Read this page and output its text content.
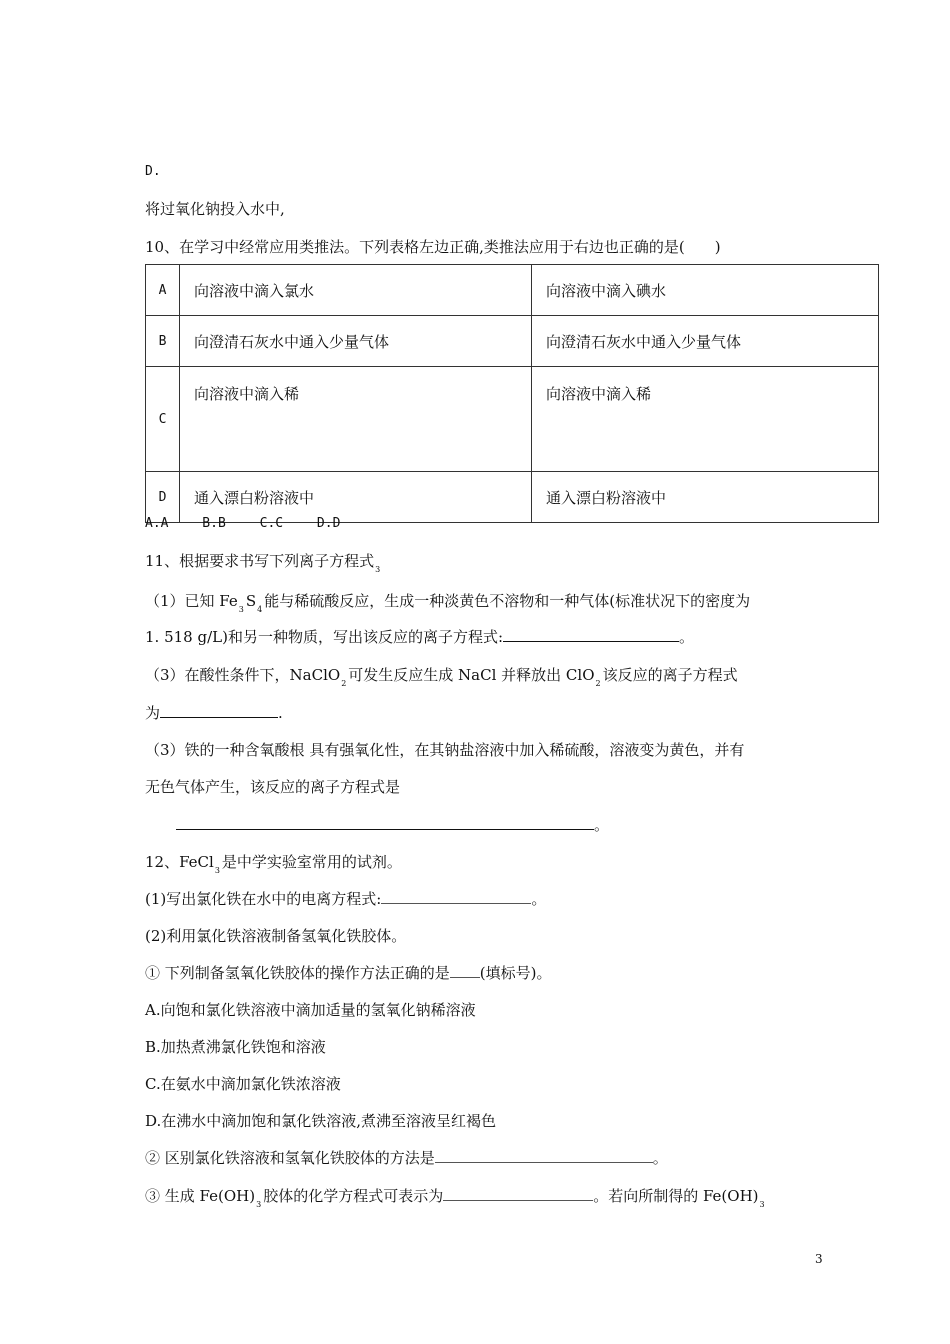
D.
将过氧化钠投入水中,
10、在学习中经常应用类推法。下列表格左边正确,类推法应用于右边也正确的是(　　)
A	向溶液中滴入氯水	向溶液中滴入碘水
B	向澄清石灰水中通入少量气体	向澄清石灰水中通入少量气体
C	向溶液中滴入稀	向溶液中滴入稀
D	通入漂白粉溶液中	通入漂白粉溶液中
A.A　　 B.B　　 C.C　　 D.D
11、根据要求书写下列离子方程式$_3$
（1）已知 $Fe_3$ $S_4$ 能与稀硫酸反应，生成一种淡黄色不溶物和一种气体(标准状况下的密度为
1. 518 g/L)和另一种物质，写出该反应的离子方程式:	。
（3）在酸性条件下，NaClO$_2$ 可发生反应生成 NaCl 并释放出 ClO$_2$ 该反应的离子方程式
为	.
（3）铁的一种含氧酸根 具有强氧化性，在其钠盐溶液中加入稀硫酸，溶液变为黄色，并有
无色气体产生，该反应的离子方程式是
。
12、FeCl$_3$ 是中学实验室常用的试剂。
(1)写出氯化铁在水中的电离方程式:	。
(2)利用氯化铁溶液制备氢氧化铁胶体。
① 下列制备氢氧化铁胶体的操作方法正确的是 (填标号)。
A.向饱和氯化铁溶液中滴加适量的氢氧化钠稀溶液
B.加热煮沸氯化铁饱和溶液
C.在氨水中滴加氯化铁浓溶液
D.在沸水中滴加饱和氯化铁溶液,煮沸至溶液呈红褐色
② 区别氯化铁溶液和氢氧化铁胶体的方法是	。
③ 生成 $Fe(OH)_3$ 胶体的化学方程式可表示为	。若向所制得的 $Fe(OH)_3$
3
